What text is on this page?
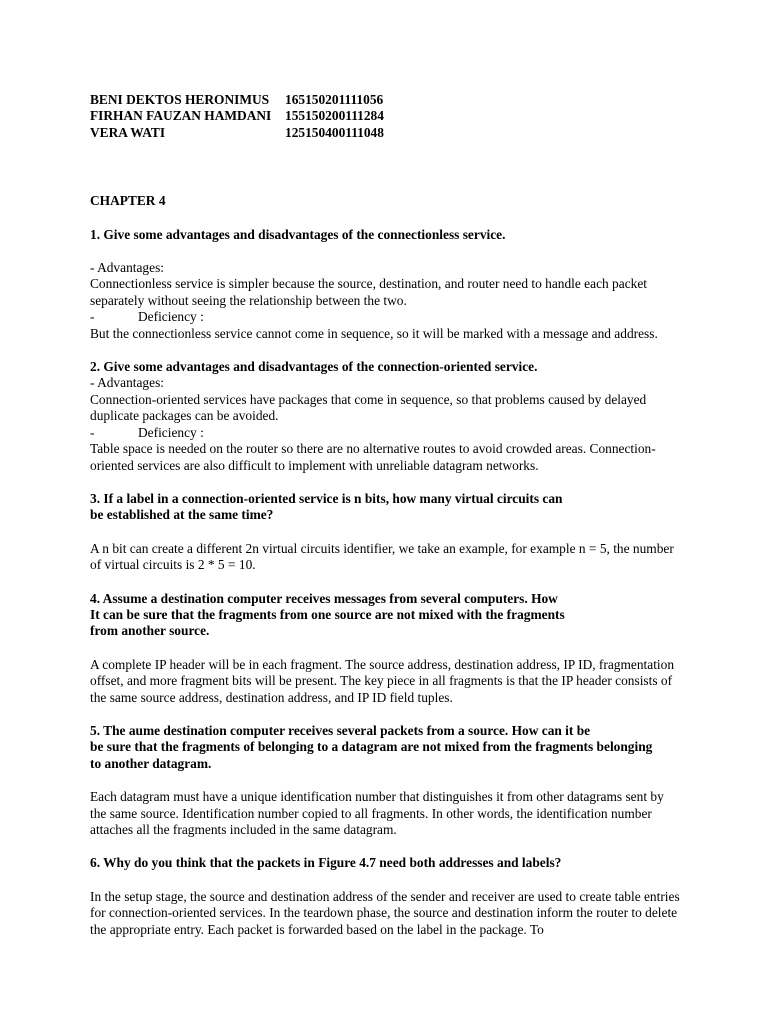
BENI DEKTOS HERONIMUS	165150201111056
FIRHAN FAUZAN HAMDANI	155150200111284
VERA WATI	125150400111048

CHAPTER 4

1. Give some advantages and disadvantages of the connectionless service.

- Advantages:

Connectionless service is simpler because the source, destination, and router need to handle each packet separately without seeing the relationship between the two.

-	Deficiency :

But the connectionless service cannot come in sequence, so it will be marked with a message and address.

2. Give some advantages and disadvantages of the connection-oriented service.

- Advantages:

Connection-oriented services have packages that come in sequence, so that problems caused by delayed duplicate packages can be avoided.

-	Deficiency :

Table space is needed on the router so there are no alternative routes to avoid crowded areas. Connection-oriented services are also difficult to implement with unreliable datagram networks.

3. If a label in a connection-oriented service is n bits, how many virtual circuits can

be established at the same time?

A n bit can create a different 2n virtual circuits identifier, we take an example, for example n = 5, the number of virtual circuits is 2 * 5 = 10.

4. Assume a destination computer receives messages from several computers. How

It can be sure that the fragments from one source are not mixed with the fragments

from another source.

A complete IP header will be in each fragment. The source address, destination address, IP ID, fragmentation offset, and more fragment bits will be present. The key piece in all fragments is that the IP header consists of the same source address, destination address, and IP ID field tuples.

5. The aume destination computer receives several packets from a source. How can it be

be sure that the fragments of belonging to a datagram are not mixed from the fragments belonging

to another datagram.

Each datagram must have a unique identification number that distinguishes it from other datagrams sent by the same source. Identification number copied to all fragments. In other words, the identification number attaches all the fragments included in the same datagram.

6. Why do you think that the packets in Figure 4.7 need both addresses and labels?

In the setup stage, the source and destination address of the sender and receiver are used to create table entries for connection-oriented services. In the teardown phase, the source and destination inform the router to delete the appropriate entry. Each packet is forwarded based on the label in the package. To
